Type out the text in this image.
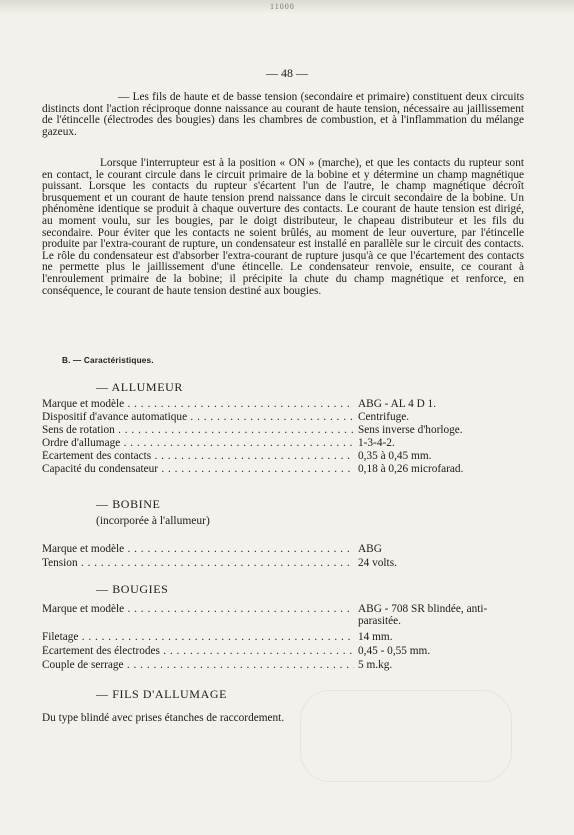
11000
— 48 —

— Les fils de haute et de basse tension (secondaire et primaire) constituent deux circuits distincts dont l'action réciproque donne naissance au courant de haute tension, nécessaire au jaillissement de l'étincelle (électrodes des bougies) dans les chambres de combustion, et à l'inflammation du mélange gazeux.

Lorsque l'interrupteur est à la position « ON » (marche), et que les contacts du rupteur sont en contact, le courant circule dans le circuit primaire de la bobine et y détermine un champ magnétique puissant. Lorsque les contacts du rupteur s'écartent l'un de l'autre, le champ magnétique décroît brusquement et un courant de haute tension prend naissance dans le circuit secondaire de la bobine. Un phénomène identique se produit à chaque ouverture des contacts. Le courant de haute tension est dirigé, au moment voulu, sur les bougies, par le doigt distributeur, le chapeau distributeur et les fils du secondaire. Pour éviter que les contacts ne soient brûlés, au moment de leur ouverture, par l'étincelle produite par l'extra-courant de rupture, un condensateur est installé en parallèle sur le circuit des contacts. Le rôle du condensateur est d'absorber l'extra-courant de rupture jusqu'à ce que l'écartement des contacts ne permette plus le jaillissement d'une étincelle. Le condensateur renvoie, ensuite, ce courant à l'enroulement primaire de la bobine; il précipite la chute du champ magnétique et renforce, en conséquence, le courant de haute tension destiné aux bougies.

B. — Caractéristiques.
— ALLUMEUR
Marque et modèle . . .	ABG - AL 4 D 1.
Dispositif d'avance automatique . . .	Centrifuge.
Sens de rotation . . .	Sens inverse d'horloge.
Ordre d'allumage . . .	1-3-4-2.
Écartement des contacts . . .	0,35 à 0,45 mm.
Capacité du condensateur . . .	0,18 à 0,26 microfarad.
— BOBINE
(incorporée à l'allumeur)
Marque et modèle . . .	ABG
Tension . . .	24 volts.
— BOUGIES
Marque et modèle . . .	ABG - 708 SR blindée, anti-
parasitée.
Filetage . . .	14 mm.
Écartement des électrodes . . .	0,45 - 0,55 mm.
Couple de serrage . . .	5 m.kg.
— FILS D'ALLUMAGE
Du type blindé avec prises étanches de raccordement.
